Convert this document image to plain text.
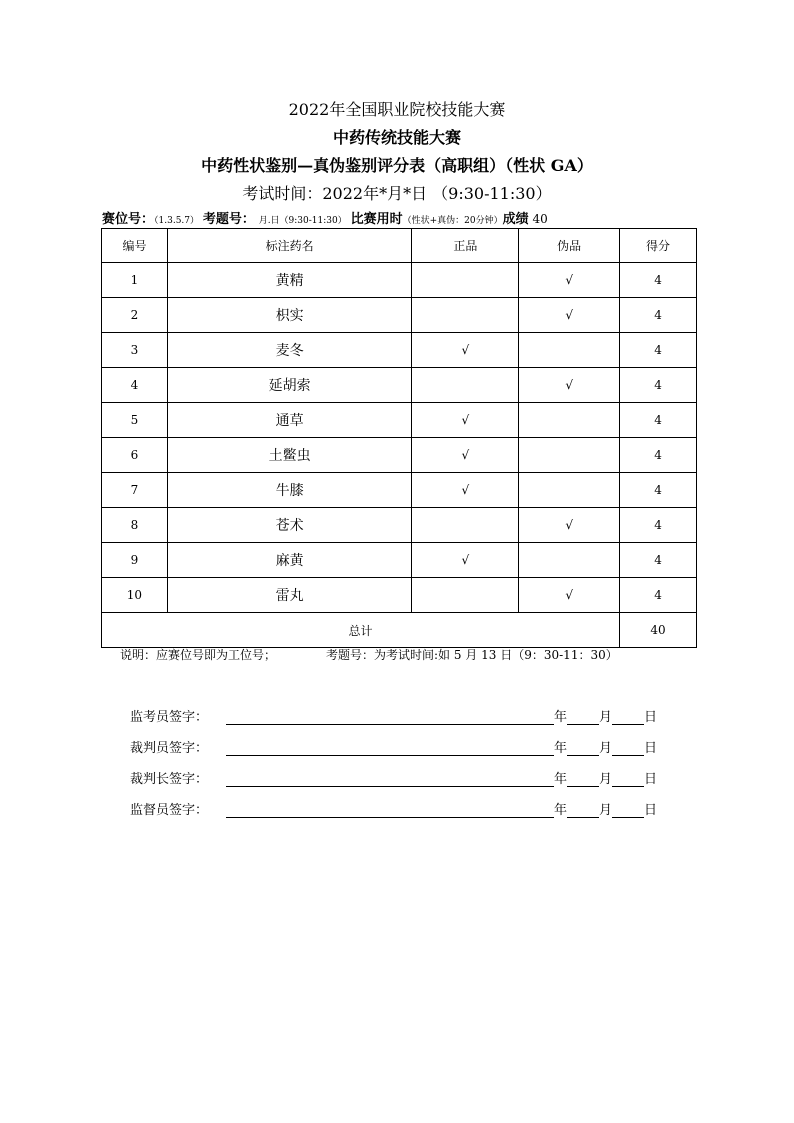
2022年全国职业院校技能大赛
中药传统技能大赛
中药性状鉴别—真伪鉴别评分表（高职组）（性状 GA）
考试时间：2022年*月*日 （9:30-11:30）
赛位号：（1.3.5.7） 考题号： 月.日（9:30-11:30） 比赛用时（性状+真伪：20分钟）成绩 40
编号	标注药名	正品	伪品	得分
1	黄精		√	4
2	枳实		√	4
3	麦冬	√		4
4	延胡索		√	4
5	通草	√		4
6	土鳖虫	√		4
7	牛膝	√		4
8	苍术		√	4
9	麻黄	√		4
10	雷丸		√	4
总计				40
说明：应赛位号即为工位号；	考题号：为考试时间:如 5 月 13 日（9：30-11：30）
监考员签字：	年 月 日
裁判员签字：	年 月 日
裁判长签字：	年 月 日
监督员签字：	年 月 日
